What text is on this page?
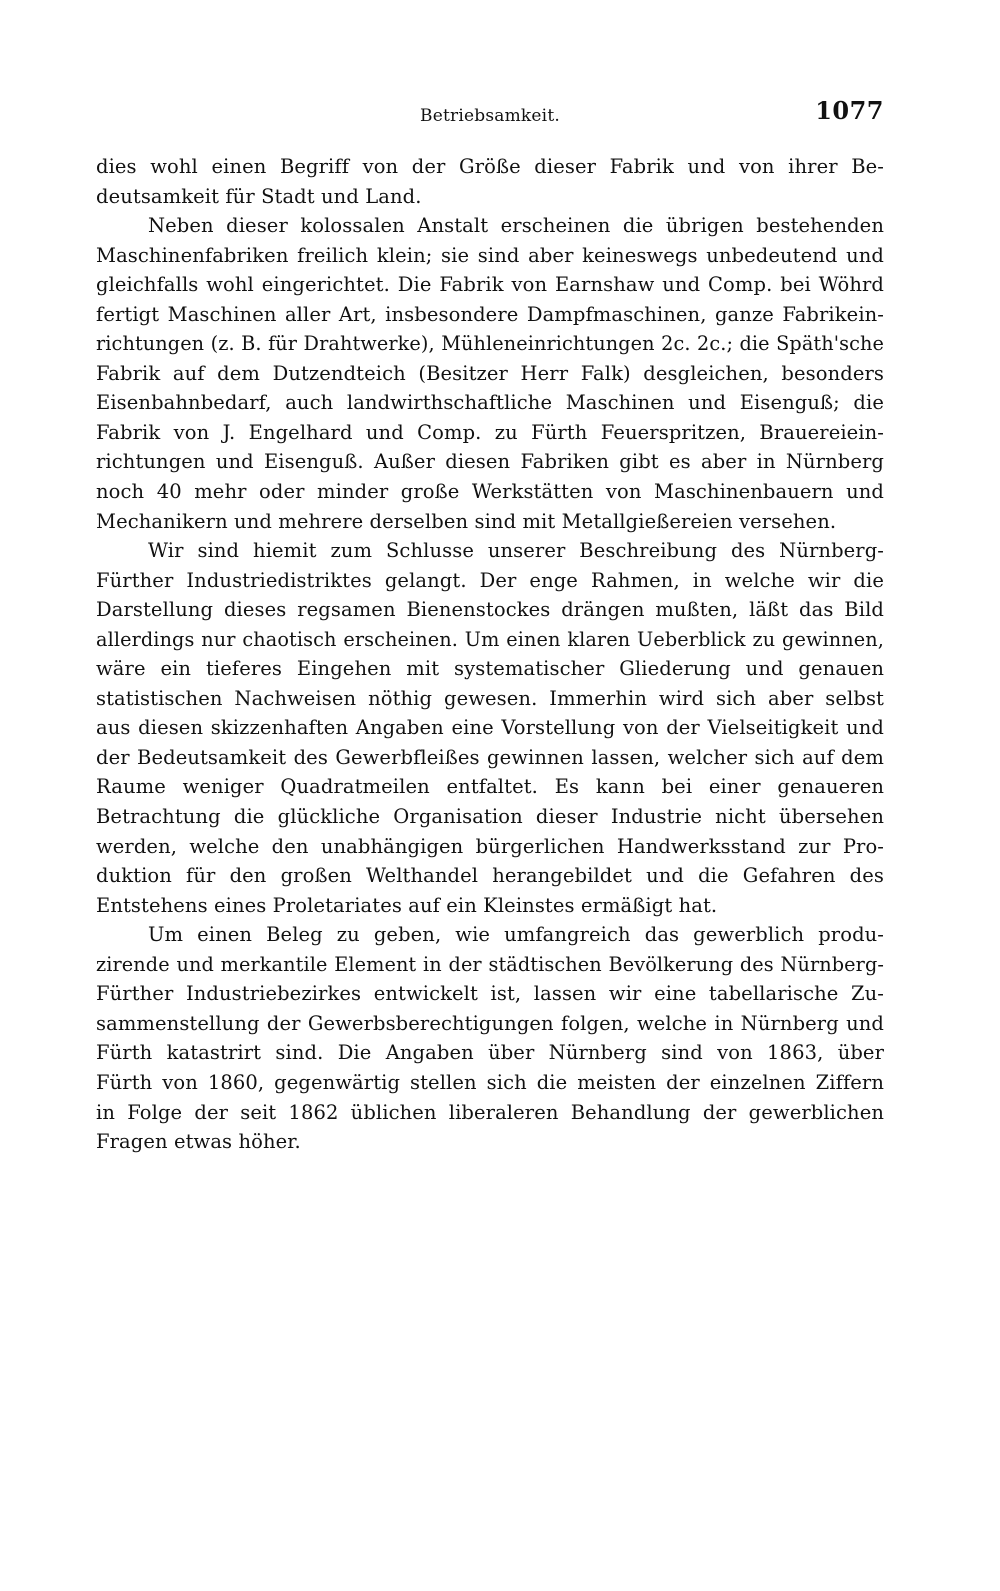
Betriebsamkeit.	1077
dies wohl einen Begriff von der Größe dieser Fabrik und von ihrer Be-
deutsamkeit für Stadt und Land.
Neben dieser kolossalen Anstalt erscheinen die übrigen bestehenden
Maschinenfabriken freilich klein; sie sind aber keineswegs unbedeutend und
gleichfalls wohl eingerichtet. Die Fabrik von Earnshaw und Comp. bei Wöhrd
fertigt Maschinen aller Art, insbesondere Dampfmaschinen, ganze Fabrikein-
richtungen (z. B. für Drahtwerke), Mühleneinrichtungen 2c. 2c.; die Späth'sche
Fabrik auf dem Dutzendteich (Besitzer Herr Falk) desgleichen, besonders
Eisenbahnbedarf, auch landwirthschaftliche Maschinen und Eisenguß; die
Fabrik von J. Engelhard und Comp. zu Fürth Feuerspritzen, Brauereiein-
richtungen und Eisenguß. Außer diesen Fabriken gibt es aber in Nürnberg
noch 40 mehr oder minder große Werkstätten von Maschinenbauern und
Mechanikern und mehrere derselben sind mit Metallgießereien versehen.
Wir sind hiemit zum Schlusse unserer Beschreibung des Nürnberg-
Fürther Industriedistriktes gelangt. Der enge Rahmen, in welche wir die
Darstellung dieses regsamen Bienenstockes drängen mußten, läßt das Bild
allerdings nur chaotisch erscheinen. Um einen klaren Ueberblick zu gewinnen,
wäre ein tieferes Eingehen mit systematischer Gliederung und genauen
statistischen Nachweisen nöthig gewesen. Immerhin wird sich aber selbst
aus diesen skizzenhaften Angaben eine Vorstellung von der Vielseitigkeit und
der Bedeutsamkeit des Gewerbfleißes gewinnen lassen, welcher sich auf dem
Raume weniger Quadratmeilen entfaltet. Es kann bei einer genaueren
Betrachtung die glückliche Organisation dieser Industrie nicht übersehen
werden, welche den unabhängigen bürgerlichen Handwerksstand zur Pro-
duktion für den großen Welthandel herangebildet und die Gefahren des
Entstehens eines Proletariates auf ein Kleinstes ermäßigt hat.
Um einen Beleg zu geben, wie umfangreich das gewerblich produ-
zirende und merkantile Element in der städtischen Bevölkerung des Nürnberg-
Fürther Industriebezirkes entwickelt ist, lassen wir eine tabellarische Zu-
sammenstellung der Gewerbsberechtigungen folgen, welche in Nürnberg und
Fürth katastrirt sind. Die Angaben über Nürnberg sind von 1863, über
Fürth von 1860, gegenwärtig stellen sich die meisten der einzelnen Ziffern
in Folge der seit 1862 üblichen liberaleren Behandlung der gewerblichen
Fragen etwas höher.
